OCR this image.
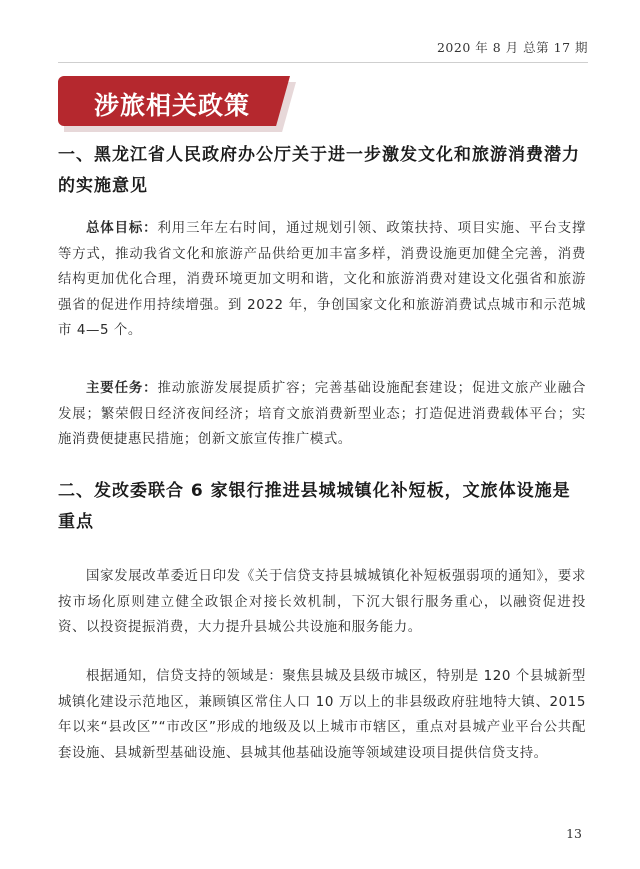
2020 年 8 月 总第 17 期
涉旅相关政策
一、黑龙江省人民政府办公厅关于进一步激发文化和旅游消费潜力的实施意见
总体目标：利用三年左右时间，通过规划引领、政策扶持、项目实施、平台支撑等方式，推动我省文化和旅游产品供给更加丰富多样，消费设施更加健全完善，消费结构更加优化合理，消费环境更加文明和谐，文化和旅游消费对建设文化强省和旅游强省的促进作用持续增强。到 2022 年，争创国家文化和旅游消费试点城市和示范城市 4—5 个。
主要任务：推动旅游发展提质扩容；完善基础设施配套建设；促进文旅产业融合发展；繁荣假日经济夜间经济；培育文旅消费新型业态；打造促进消费载体平台；实施消费便捷惠民措施；创新文旅宣传推广模式。
二、发改委联合 6 家银行推进县城城镇化补短板，文旅体设施是重点
国家发展改革委近日印发《关于信贷支持县城城镇化补短板强弱项的通知》，要求按市场化原则建立健全政银企对接长效机制，下沉大银行服务重心，以融资促进投资、以投资提振消费，大力提升县城公共设施和服务能力。
根据通知，信贷支持的领域是：聚焦县城及县级市城区，特别是 120 个县城新型城镇化建设示范地区，兼顾镇区常住人口 10 万以上的非县级政府驻地特大镇、2015 年以来“县改区”“市改区”形成的地级及以上城市市辖区，重点对县城产业平台公共配套设施、县城新型基础设施、县城其他基础设施等领域建设项目提供信贷支持。
13
